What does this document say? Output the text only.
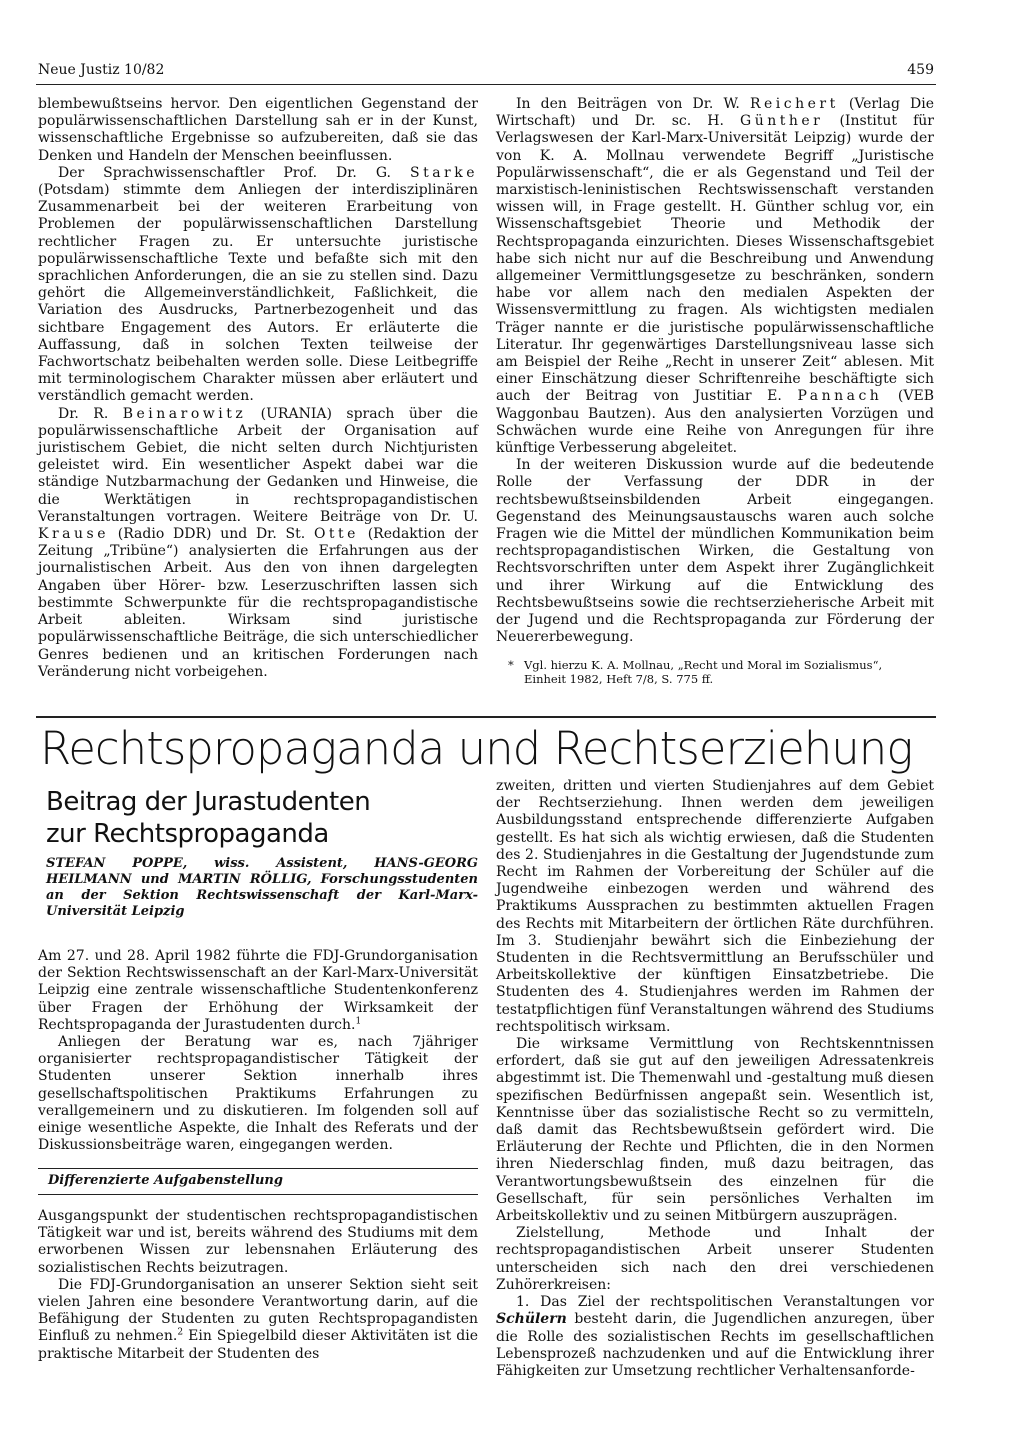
Neue Justiz 10/82	459

blembewußtseins hervor. Den eigentlichen Gegenstand der populärwissenschaftlichen Darstellung sah er in der Kunst, wissenschaftliche Ergebnisse so aufzubereiten, daß sie das Denken und Handeln der Menschen beeinflussen.

Der Sprachwissenschaftler Prof. Dr. G. Starke (Potsdam) stimmte dem Anliegen der interdisziplinären Zusammenarbeit bei der weiteren Erarbeitung von Problemen der populärwissenschaftlichen Darstellung rechtlicher Fragen zu. Er untersuchte juristische populärwissenschaftliche Texte und befaßte sich mit den sprachlichen Anforderungen, die an sie zu stellen sind. Dazu gehört die Allgemeinverständlichkeit, Faßlichkeit, die Variation des Ausdrucks, Partnerbezogenheit und das sichtbare Engagement des Autors. Er erläuterte die Auffassung, daß in solchen Texten teilweise der Fachwortschatz beibehalten werden solle. Diese Leitbegriffe mit terminologischem Charakter müssen aber erläutert und verständlich gemacht werden.

Dr. R. Beinarowitz (URANIA) sprach über die populärwissenschaftliche Arbeit der Organisation auf juristischem Gebiet, die nicht selten durch Nichtjuristen geleistet wird. Ein wesentlicher Aspekt dabei war die ständige Nutzbarmachung der Gedanken und Hinweise, die die Werktätigen in rechtspropagandistischen Veranstaltungen vortragen. Weitere Beiträge von Dr. U. Krause (Radio DDR) und Dr. St. Otte (Redaktion der Zeitung „Tribüne“) analysierten die Erfahrungen aus der journalistischen Arbeit. Aus den von ihnen dargelegten Angaben über Hörer- bzw. Leserzuschriften lassen sich bestimmte Schwerpunkte für die rechtspropagandistische Arbeit ableiten. Wirksam sind juristische populärwissenschaftliche Beiträge, die sich unterschiedlicher Genres bedienen und an kritischen Forderungen nach Veränderung nicht vorbeigehen.

In den Beiträgen von Dr. W. Reichert (Verlag Die Wirtschaft) und Dr. sc. H. Günther (Institut für Verlagswesen der Karl-Marx-Universität Leipzig) wurde der von K. A. Mollnau verwendete Begriff „Juristische Populärwissenschaft“, die er als Gegenstand und Teil der marxistisch-leninistischen Rechtswissenschaft verstanden wissen will, in Frage gestellt. H. Günther schlug vor, ein Wissenschaftsgebiet Theorie und Methodik der Rechtspropaganda einzurichten. Dieses Wissenschaftsgebiet habe sich nicht nur auf die Beschreibung und Anwendung allgemeiner Vermittlungsgesetze zu beschränken, sondern habe vor allem nach den medialen Aspekten der Wissensvermittlung zu fragen. Als wichtigsten medialen Träger nannte er die juristische populärwissenschaftliche Literatur. Ihr gegenwärtiges Darstellungsniveau lasse sich am Beispiel der Reihe „Recht in unserer Zeit“ ablesen. Mit einer Einschätzung dieser Schriftenreihe beschäftigte sich auch der Beitrag von Justitiar E. Pannach (VEB Waggonbau Bautzen). Aus den analysierten Vorzügen und Schwächen wurde eine Reihe von Anregungen für ihre künftige Verbesserung abgeleitet.

In der weiteren Diskussion wurde auf die bedeutende Rolle der Verfassung der DDR in der rechtsbewußtseinsbildenden Arbeit eingegangen. Gegenstand des Meinungsaustauschs waren auch solche Fragen wie die Mittel der mündlichen Kommunikation beim rechtspropagandistischen Wirken, die Gestaltung von Rechtsvorschriften unter dem Aspekt ihrer Zugänglichkeit und ihrer Wirkung auf die Entwicklung des Rechtsbewußtseins sowie die rechtserzieherische Arbeit mit der Jugend und die Rechtspropaganda zur Förderung der Neuererbewegung.

* Vgl. hierzu K. A. Mollnau, „Recht und Moral im Sozialismus“,
Einheit 1982, Heft 7/8, S. 775 ff.
Rechtspropaganda und Rechtserziehung
Beitrag der Jurastudenten
zur Rechtspropaganda
STEFAN POPPE, wiss. Assistent, HANS-GEORG HEILMANN und MARTIN RÖLLIG, Forschungsstudenten an der Sektion Rechtswissenschaft der Karl-Marx-Universität Leipzig

Am 27. und 28. April 1982 führte die FDJ-Grundorganisation der Sektion Rechtswissenschaft an der Karl-Marx-Universität Leipzig eine zentrale wissenschaftliche Studentenkonferenz über Fragen der Erhöhung der Wirksamkeit der Rechtspropaganda der Jurastudenten durch.$^1$

Anliegen der Beratung war es, nach 7jähriger organisierter rechtspropagandistischer Tätigkeit der Studenten unserer Sektion innerhalb ihres gesellschaftspolitischen Praktikums Erfahrungen zu verallgemeinern und zu diskutieren. Im folgenden soll auf einige wesentliche Aspekte, die Inhalt des Referats und der Diskussionsbeiträge waren, eingegangen werden.

Differenzierte Aufgabenstellung

Ausgangspunkt der studentischen rechtspropagandistischen Tätigkeit war und ist, bereits während des Studiums mit dem erworbenen Wissen zur lebensnahen Erläuterung des sozialistischen Rechts beizutragen.

Die FDJ-Grundorganisation an unserer Sektion sieht seit vielen Jahren eine besondere Verantwortung darin, auf die Befähigung der Studenten zu guten Rechtspropagandisten Einfluß zu nehmen.$^2$ Ein Spiegelbild dieser Aktivitäten ist die praktische Mitarbeit der Studenten des

zweiten, dritten und vierten Studienjahres auf dem Gebiet der Rechtserziehung. Ihnen werden dem jeweiligen Ausbildungsstand entsprechende differenzierte Aufgaben gestellt. Es hat sich als wichtig erwiesen, daß die Studenten des 2. Studienjahres in die Gestaltung der Jugendstunde zum Recht im Rahmen der Vorbereitung der Schüler auf die Jugendweihe einbezogen werden und während des Praktikums Aussprachen zu bestimmten aktuellen Fragen des Rechts mit Mitarbeitern der örtlichen Räte durchführen. Im 3. Studienjahr bewährt sich die Einbeziehung der Studenten in die Rechtsvermittlung an Berufsschüler und Arbeitskollektive der künftigen Einsatzbetriebe. Die Studenten des 4. Studienjahres werden im Rahmen der testatpflichtigen fünf Veranstaltungen während des Studiums rechtspolitisch wirksam.

Die wirksame Vermittlung von Rechtskenntnissen erfordert, daß sie gut auf den jeweiligen Adressatenkreis abgestimmt ist. Die Themenwahl und -gestaltung muß diesen spezifischen Bedürfnissen angepaßt sein. Wesentlich ist, Kenntnisse über das sozialistische Recht so zu vermitteln, daß damit das Rechtsbewußtsein gefördert wird. Die Erläuterung der Rechte und Pflichten, die in den Normen ihren Niederschlag finden, muß dazu beitragen, das Verantwortungsbewußtsein des einzelnen für die Gesellschaft, für sein persönliches Verhalten im Arbeitskollektiv und zu seinen Mitbürgern auszuprägen.

Zielstellung, Methode und Inhalt der rechtspropagandistischen Arbeit unserer Studenten unterscheiden sich nach den drei verschiedenen Zuhörerkreisen:

1. Das Ziel der rechtspolitischen Veranstaltungen vor Schülern besteht darin, die Jugendlichen anzuregen, über die Rolle des sozialistischen Rechts im gesellschaftlichen Lebensprozeß nachzudenken und auf die Entwicklung ihrer Fähigkeiten zur Umsetzung rechtlicher Verhaltensanforde-
